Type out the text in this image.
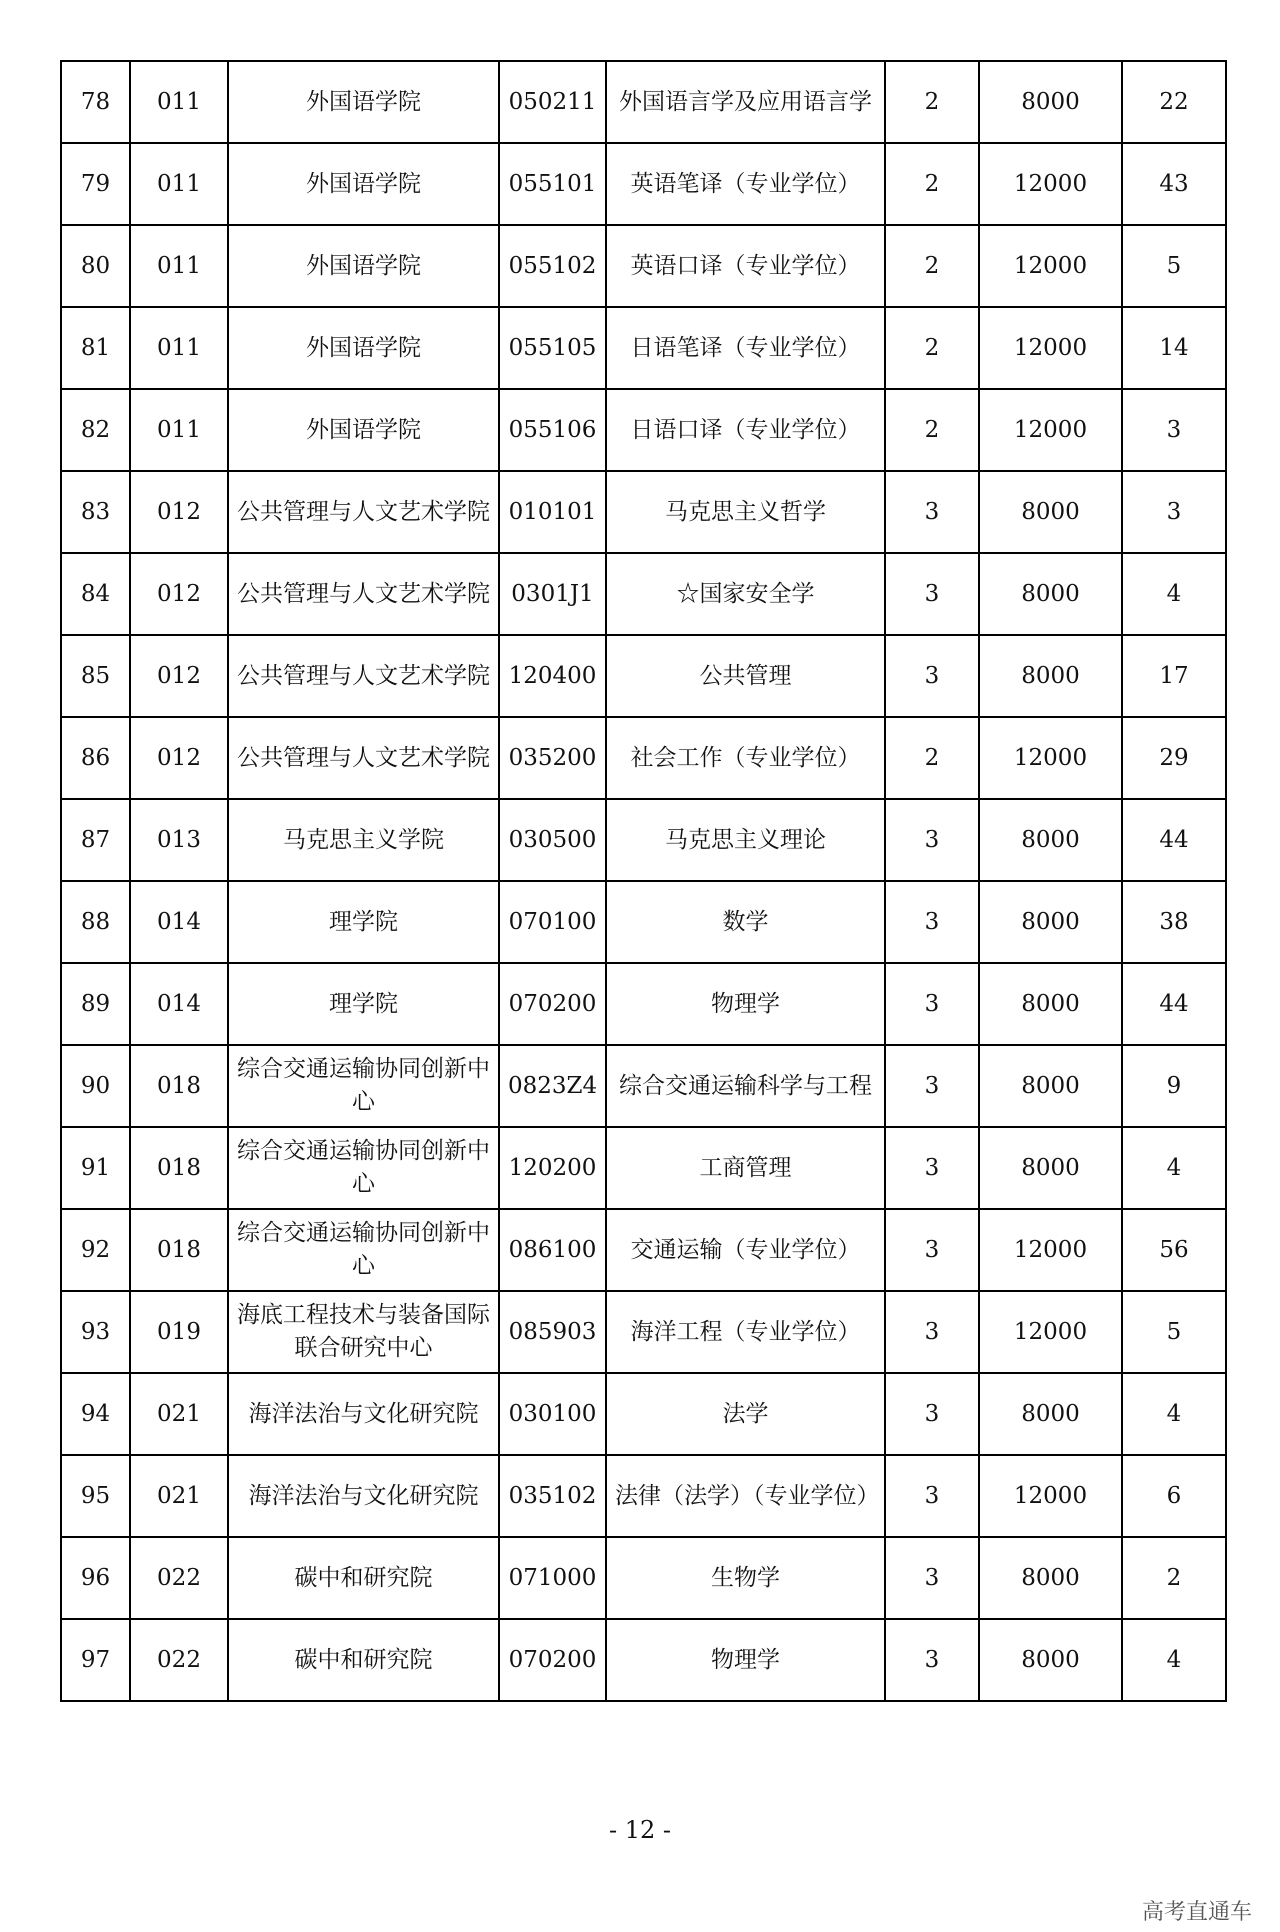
78	011	外国语学院	050211	外国语言学及应用语言学	2	8000	22
79	011	外国语学院	055101	英语笔译（专业学位）	2	12000	43
80	011	外国语学院	055102	英语口译（专业学位）	2	12000	5
81	011	外国语学院	055105	日语笔译（专业学位）	2	12000	14
82	011	外国语学院	055106	日语口译（专业学位）	2	12000	3
83	012	公共管理与人文艺术学院	010101	马克思主义哲学	3	8000	3
84	012	公共管理与人文艺术学院	0301J1	☆国家安全学	3	8000	4
85	012	公共管理与人文艺术学院	120400	公共管理	3	8000	17
86	012	公共管理与人文艺术学院	035200	社会工作（专业学位）	2	12000	29
87	013	马克思主义学院	030500	马克思主义理论	3	8000	44
88	014	理学院	070100	数学	3	8000	38
89	014	理学院	070200	物理学	3	8000	44
90	018	综合交通运输协同创新中心	0823Z4	综合交通运输科学与工程	3	8000	9
91	018	综合交通运输协同创新中心	120200	工商管理	3	8000	4
92	018	综合交通运输协同创新中心	086100	交通运输（专业学位）	3	12000	56
93	019	海底工程技术与装备国际联合研究中心	085903	海洋工程（专业学位）	3	12000	5
94	021	海洋法治与文化研究院	030100	法学	3	8000	4
95	021	海洋法治与文化研究院	035102	法律（法学）（专业学位）	3	12000	6
96	022	碳中和研究院	071000	生物学	3	8000	2
97	022	碳中和研究院	070200	物理学	3	8000	4
- 12 -
高考直通车
